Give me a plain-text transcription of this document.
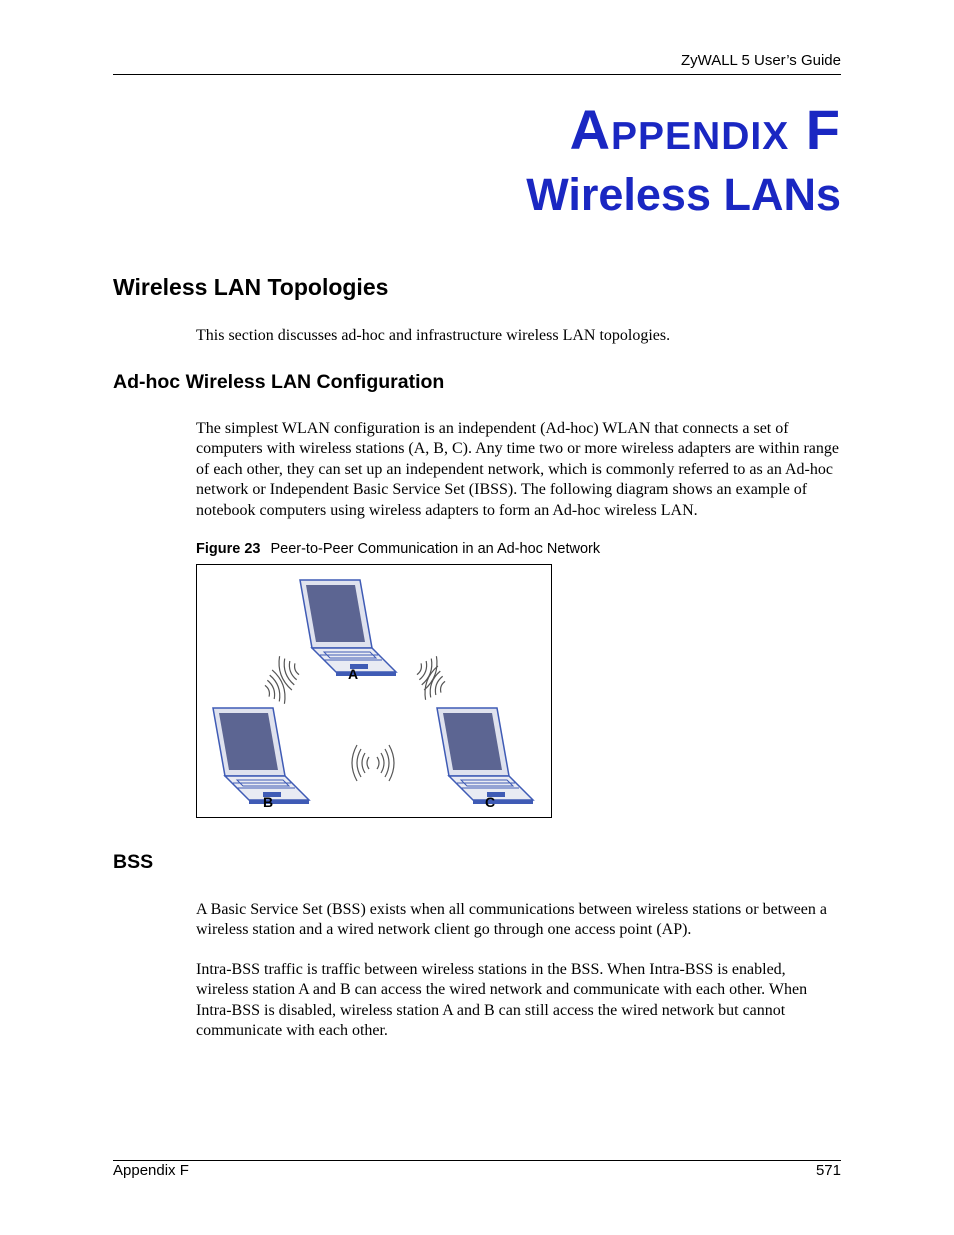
ZyWALL 5 User’s Guide
Appendix F
Wireless LANs
Wireless LAN Topologies

This section discusses ad-hoc and infrastructure wireless LAN topologies.

Ad-hoc Wireless LAN Configuration

The simplest WLAN configuration is an independent (Ad-hoc) WLAN that connects a set of computers with wireless stations (A, B, C). Any time two or more wireless adapters are within range of each other, they can set up an independent network, which is commonly referred to as an Ad-hoc network or Independent Basic Service Set (IBSS). The following diagram shows an example of notebook computers using wireless adapters to form an Ad-hoc wireless LAN.

Figure 23 Peer-to-Peer Communication in an Ad-hoc Network
A
B	C
BSS

A Basic Service Set (BSS) exists when all communications between wireless stations or between a wireless station and a wired network client go through one access point (AP).

Intra-BSS traffic is traffic between wireless stations in the BSS. When Intra-BSS is enabled, wireless station A and B can access the wired network and communicate with each other. When Intra-BSS is disabled, wireless station A and B can still access the wired network but cannot communicate with each other.

Appendix F	571
